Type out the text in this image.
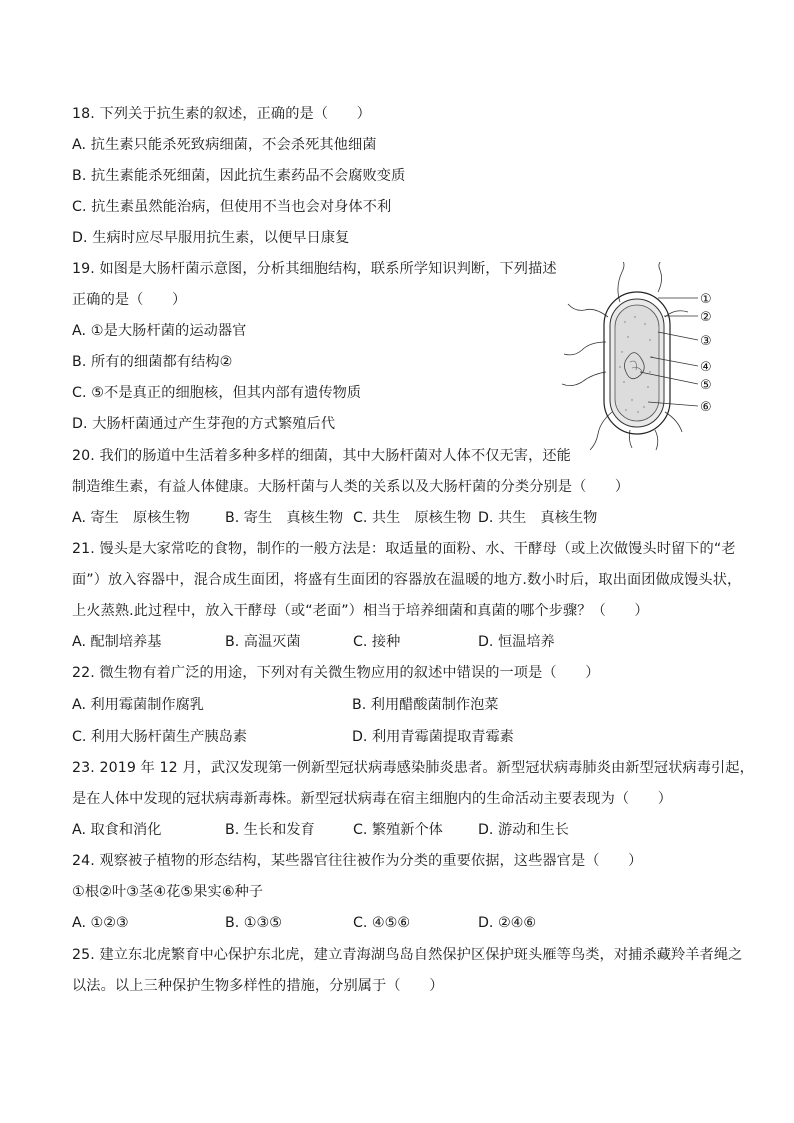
18. 下列关于抗生素的叙述，正确的是（　　）
A. 抗生素只能杀死致病细菌，不会杀死其他细菌
B. 抗生素能杀死细菌，因此抗生素药品不会腐败变质
C. 抗生素虽然能治病，但使用不当也会对身体不利
D. 生病时应尽早服用抗生素，以便早日康复
19. 如图是大肠杆菌示意图，分析其细胞结构，联系所学知识判断，下列描述
正确的是（　　）
A. ①是大肠杆菌的运动器官
B. 所有的细菌都有结构②
C. ⑤不是真正的细胞核，但其内部有遗传物质
D. 大肠杆菌通过产生芽孢的方式繁殖后代
①
②
③
④
⑤
⑥
20. 我们的肠道中生活着多种多样的细菌，其中大肠杆菌对人体不仅无害，还能
制造维生素，有益人体健康。大肠杆菌与人类的关系以及大肠杆菌的分类分别是（　　）
A. 寄生　原核生物 B. 寄生　真核生物 C. 共生　原核生物 D. 共生　真核生物
21. 馒头是大家常吃的食物，制作的一般方法是：取适量的面粉、水、干酵母（或上次做馒头时留下的“老
面”）放入容器中，混合成生面团，将盛有生面团的容器放在温暖的地方.数小时后，取出面团做成馒头状，
上火蒸熟.此过程中，放入干酵母（或“老面”）相当于培养细菌和真菌的哪个步骤？（　　）
A. 配制培养基	B. 高温灭菌	C. 接种	D. 恒温培养
22. 微生物有着广泛的用途，下列对有关微生物应用的叙述中错误的一项是（　　）
A. 利用霉菌制作腐乳	B. 利用醋酸菌制作泡菜
C. 利用大肠杆菌生产胰岛素	D. 利用青霉菌提取青霉素
23. 2019 年 12 月，武汉发现第一例新型冠状病毒感染肺炎患者。新型冠状病毒肺炎由新型冠状病毒引起，
是在人体中发现的冠状病毒新毒株。新型冠状病毒在宿主细胞内的生命活动主要表现为（　　）
A. 取食和消化	B. 生长和发育	C. 繁殖新个体 D. 游动和生长
24. 观察被子植物的形态结构，某些器官往往被作为分类的重要依据，这些器官是（　　）
①根②叶③茎④花⑤果实⑥种子
A. ①②③	B. ①③⑤	C. ④⑤⑥	D. ②④⑥
25. 建立东北虎繁育中心保护东北虎，建立青海湖鸟岛自然保护区保护斑头雁等鸟类，对捕杀藏羚羊者绳之
以法。以上三种保护生物多样性的措施，分别属于（　　）
